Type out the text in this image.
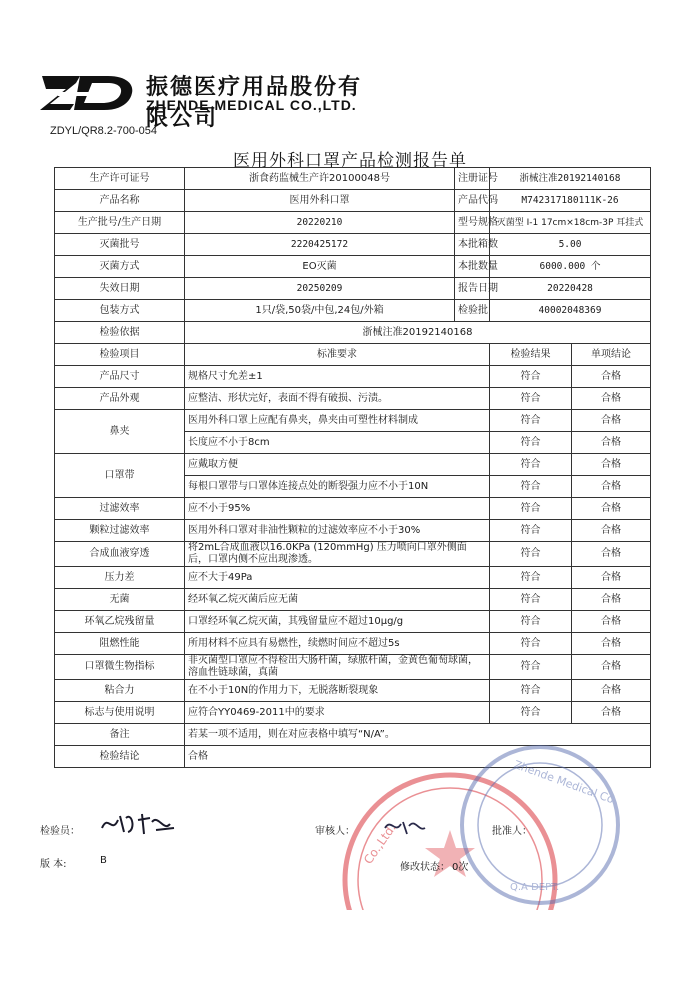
振德医疗用品股份有限公司
ZHENDE MEDICAL CO.,LTD.
ZDYL/QR8.2-700-054
医用外科口罩产品检测报告单
生产许可证号	浙食药监械生产许20100048号	注册证号	浙械注准20192140168	
产品名称	医用外科口罩	产品代码	M742317180111K-26	
生产批号/生产日期	20220210	型号规格	灭菌型 I-1 17cm×18cm-3P 耳挂式	
灭菌批号	2220425172	本批箱数	5.00	
灭菌方式	EO灭菌	本批数量	6000.000 个	
失效日期	20250209	报告日期	20220428	
包装方式	1只/袋,50袋/中包,24包/外箱	检验批	40002048369	
检验依据	浙械注准20192140168			
检验项目	标准要求		检验结果	单项结论
产品尺寸	规格尺寸允差±1		符合	合格
产品外观	应整洁、形状完好，表面不得有破损、污渍。		符合	合格
鼻夹	医用外科口罩上应配有鼻夹，鼻夹由可塑性材料制成		符合	合格
	长度应不小于8cm		符合	合格
口罩带	应戴取方便		符合	合格
	每根口罩带与口罩体连接点处的断裂强力应不小于10N		符合	合格
过滤效率	应不小于95%		符合	合格
颗粒过滤效率	医用外科口罩对非油性颗粒的过滤效率应不小于30%		符合	合格
合成血液穿透	将2mL合成血液以16.0KPa (120mmHg) 压力喷向口罩外侧面后，口罩内侧不应出现渗透。		符合	合格
压力差	应不大于49Pa		符合	合格
无菌	经环氧乙烷灭菌后应无菌		符合	合格
环氧乙烷残留量	口罩经环氧乙烷灭菌，其残留量应不超过10μg/g		符合	合格
阻燃性能	所用材料不应具有易燃性，续燃时间应不超过5s		符合	合格
口罩微生物指标	非灭菌型口罩应不得检出大肠杆菌，绿脓杆菌，金黄色葡萄球菌，溶血性链球菌，真菌		符合	合格
粘合力	在不小于10N的作用力下，无脱落断裂现象		符合	合格
标志与使用说明	应符合YY0469-2011中的要求		符合	合格
备注	若某一项不适用，则在对应表格中填写“N/A”。			
检验结论	合格			
Co.,Ltd.
Zhende Medical Co.
Q.A DEPT.
检验员：	审核人：	批准人：
版 本:	B
修改状态： 0次
